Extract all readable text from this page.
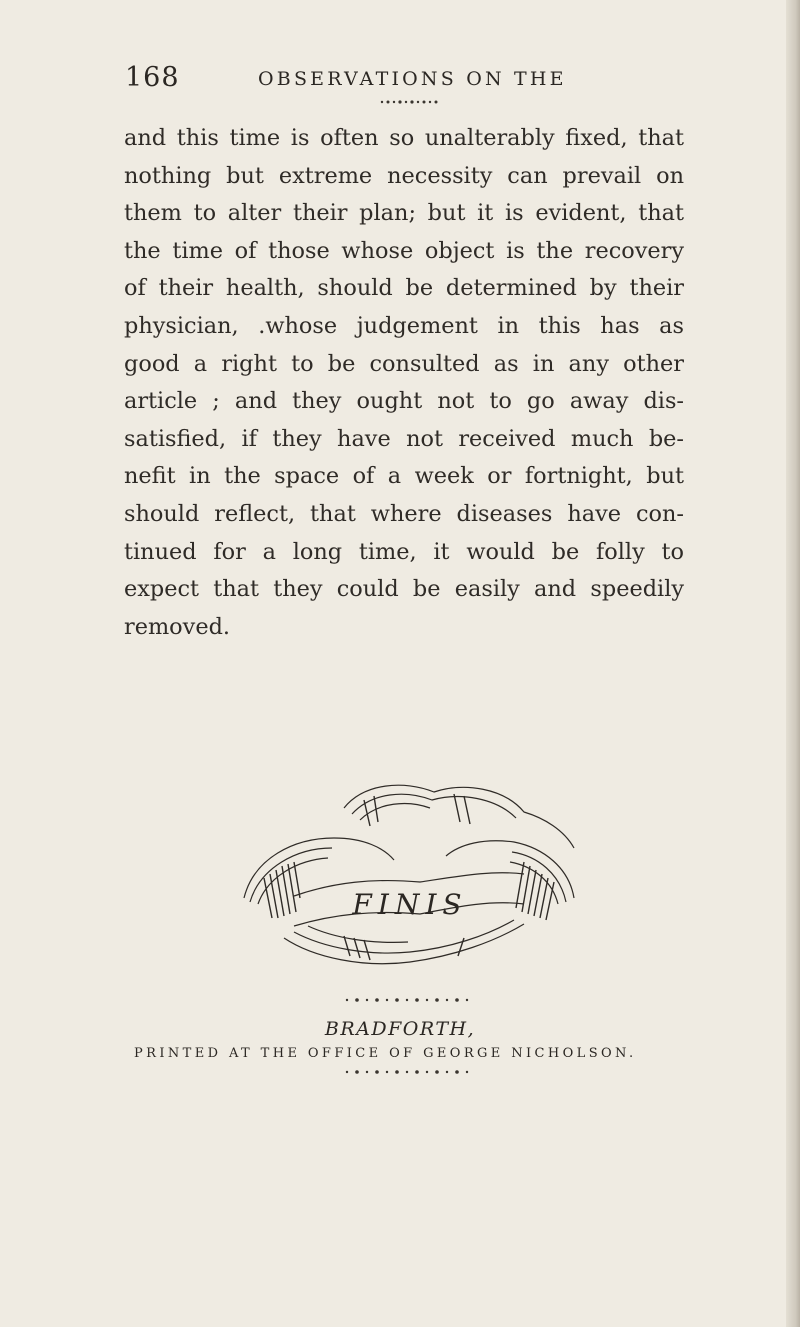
168	OBSERVATIONS ON THE
and this time is often so unalterably fixed, that
nothing but extreme necessity can prevail on
them to alter their plan; but it is evident, that
the time of those whose object is the recovery
of their health, should be determined by their
physician, .whose judgement in this has as
good a right to be consulted as in any other
article ; and they ought not to go away dis-
satisfied, if they have not received much be-
nefit in the space of a week or fortnight, but
should reflect, that where diseases have con-
tinued for a long time, it would be folly to
expect that they could be easily and speedily
removed.
FINIS
BRADFORTH,
PRINTED AT THE OFFICE OF GEORGE NICHOLSON.
